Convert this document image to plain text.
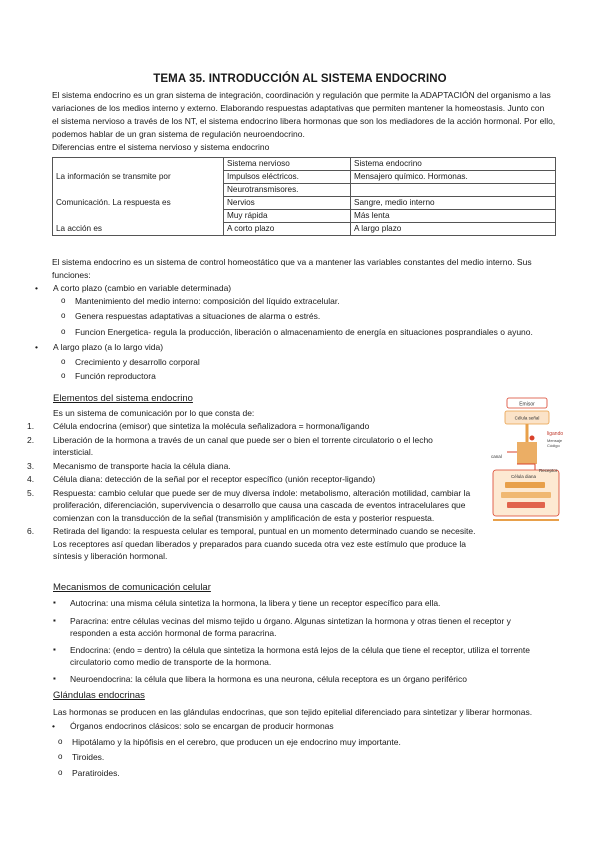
TEMA 35. INTRODUCCIÓN AL SISTEMA ENDOCRINO
El sistema endocrino es un gran sistema de integración, coordinación y regulación que permite la ADAPTACIÓN del organismo a las
variaciones de los medios interno y externo. Elaborando respuestas adaptativas que permiten mantener la homeostasis. Junto con
el sistema nervioso a través de los NT, el sistema endocrino libera hormonas que son los mediadores de la acción hormonal. Por ello,
podemos hablar de un gran sistema de regulación neuroendocrino.
Diferencias entre el sistema nervioso y sistema endocrino
	Sistema nervioso	Sistema endocrino
La información se transmite por	Impulsos eléctricos.	Mensajero químico. Hormonas.
	Neurotransmisores.	
Comunicación. La respuesta es	Nervios	Sangre, medio interno
	Muy rápida	Más lenta
La acción es	A corto plazo	A largo plazo
El sistema endocrino es un sistema de control homeostático que va a mantener las variables constantes del medio interno. Sus
funciones:
• A corto plazo (cambio en variable determinada)
o Mantenimiento del medio interno: composición del líquido extracelular.
o Genera respuestas adaptativas a situaciones de alarma o estrés.
o Funcion Energetica- regula la producción, liberación o almacenamiento de energía en situaciones posprandiales o ayuno.
• A largo plazo (a lo largo vida)
o Crecimiento y desarrollo corporal
o Función reproductora
Elementos del sistema endocrino
Es un sistema de comunicación por lo que consta de:
1. Célula endocrina (emisor) que sintetiza la molécula señalizadora = hormona/ligando
2. Liberación de la hormona a través de un canal que puede ser o bien el torrente circulatorio o el lecho
intersticial.
3. Mecanismo de transporte hacia la célula diana.
4. Célula diana: detección de la señal por el receptor específico (unión receptor-ligando)
5. Respuesta: cambio celular que puede ser de muy diversa índole: metabolismo, alteración motilidad, cambiar la
proliferación, diferenciación, supervivencia o desarrollo que causa una cascada de eventos intracelulares que
comienzan con la transducción de la señal (transmisión y amplificación de esta y posterior respuesta.
6. Retirada del ligando: la respuesta celular es temporal, puntual en un momento determinado cuando se necesite.
Los receptores así quedan liberados y preparados para cuando suceda otra vez este estímulo que produce la
síntesis y liberación hormonal.
Emisor
Célula señal
ligando
Mensaje
Código
canal
Célula diana
Receptor
Mecanismos de comunicación celular
▪ Autocrina: una misma célula sintetiza la hormona, la libera y tiene un receptor específico para ella.
▪ Paracrina: entre células vecinas del mismo tejido u órgano. Algunas sintetizan la hormona y otras tienen el receptor y
responden a esta acción hormonal de forma paracrina.
▪ Endocrina: (endo = dentro) la célula que sintetiza la hormona está lejos de la célula que tiene el receptor, utiliza el torrente
circulatorio como medio de transporte de la hormona.
▪ Neuroendocrina: la célula que libera la hormona es una neurona, célula receptora es un órgano periférico
Glándulas endocrinas
Las hormonas se producen en las glándulas endocrinas, que son tejido epitelial diferenciado para sintetizar y liberar hormonas.
• Órganos endocrinos clásicos: solo se encargan de producir hormonas
o Hipotálamo y la hipófisis en el cerebro, que producen un eje endocrino muy importante.
o Tiroides.
o Paratiroides.
